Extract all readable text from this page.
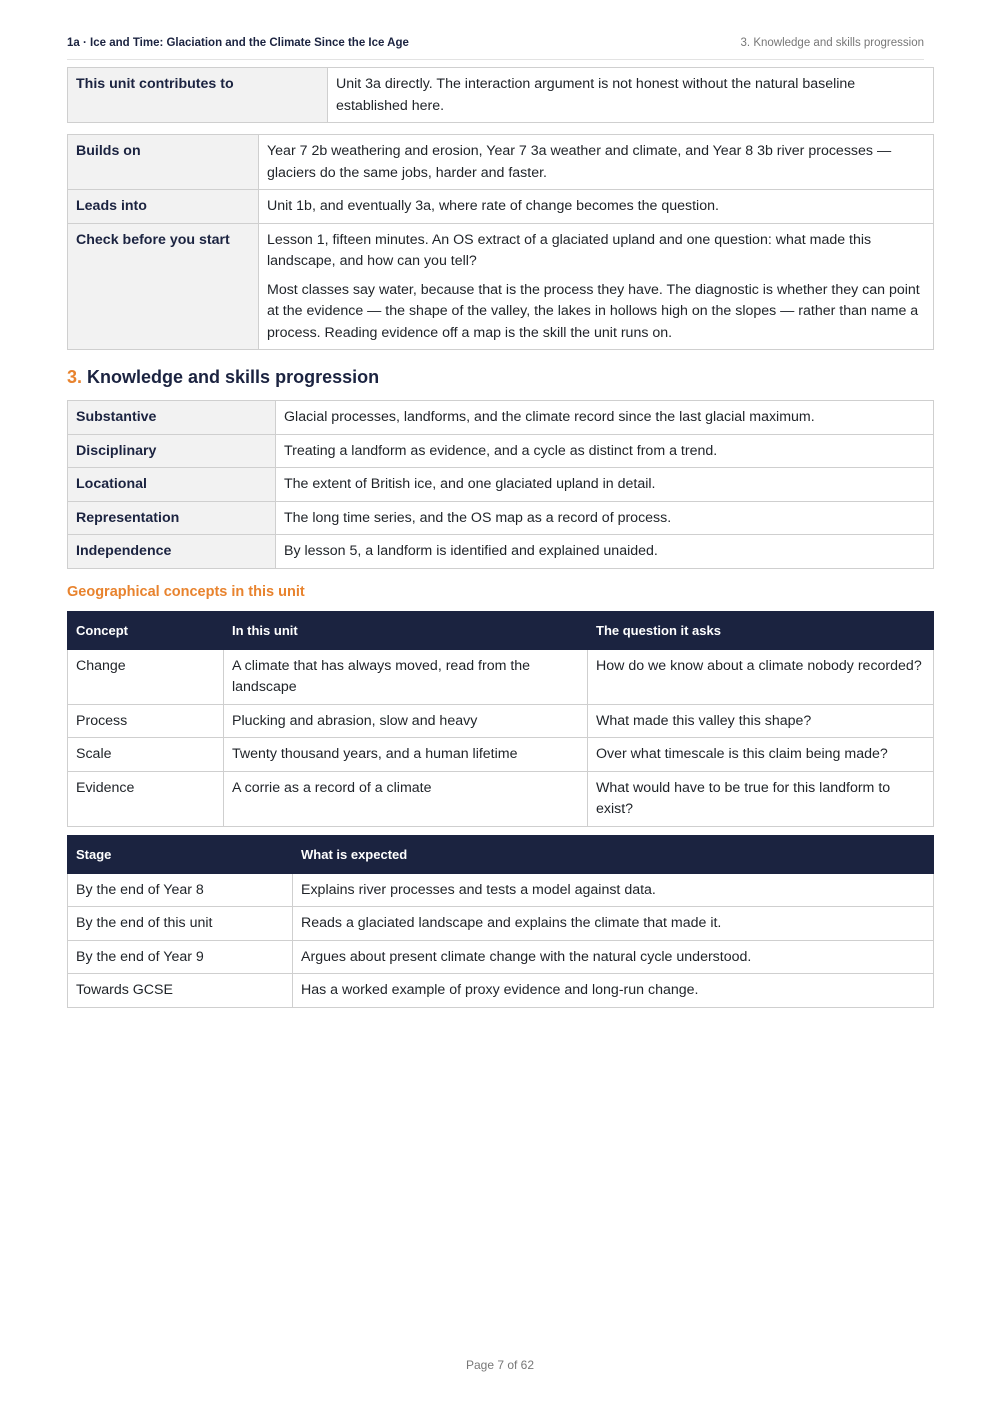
1a · Ice and Time: Glaciation and the Climate Since the Ice Age	3. Knowledge and skills progression
This unit contributes to	Unit 3a directly. The interaction argument is not honest without the natural baseline established here.
Builds on	Year 7 2b weathering and erosion, Year 7 3a weather and climate, and Year 8 3b river processes — glaciers do the same jobs, harder and faster.

Leads into	Unit 1b, and eventually 3a, where rate of change becomes the question.

Check before you start	Lesson 1, fifteen minutes. An OS extract of a glaciated upland and one question: what made this landscape, and how can you tell?

Most classes say water, because that is the process they have. The diagnostic is whether they can point at the evidence — the shape of the valley, the lakes in hollows high on the slopes — rather than name a process. Reading evidence off a map is the skill the unit runs on.

3. Knowledge and skills progression
Substantive	Glacial processes, landforms, and the climate record since the last glacial maximum.
Disciplinary	Treating a landform as evidence, and a cycle as distinct from a trend.
Locational	The extent of British ice, and one glaciated upland in detail.
Representation	The long time series, and the OS map as a record of process.
Independence	By lesson 5, a landform is identified and explained unaided.
Geographical concepts in this unit
Concept	In this unit	The question it asks
Change	A climate that has always moved, read from the landscape	How do we know about a climate nobody recorded?
Process	Plucking and abrasion, slow and heavy	What made this valley this shape?
Scale	Twenty thousand years, and a human lifetime	Over what timescale is this claim being made?
Evidence	A corrie as a record of a climate	What would have to be true for this landform to exist?
Stage	What is expected
By the end of Year 8	Explains river processes and tests a model against data.
By the end of this unit	Reads a glaciated landscape and explains the climate that made it.
By the end of Year 9	Argues about present climate change with the natural cycle understood.
Towards GCSE	Has a worked example of proxy evidence and long-run change.
Page 7 of 62
